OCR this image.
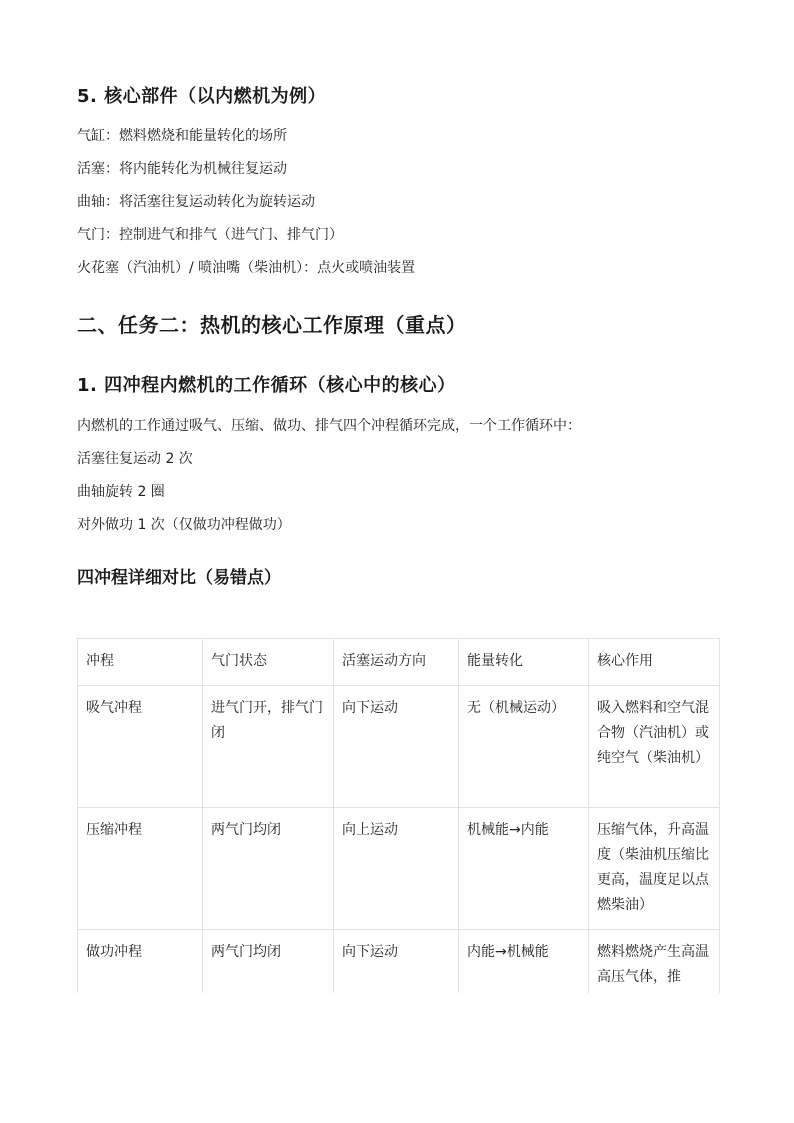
5. 核心部件（以内燃机为例）
气缸：燃料燃烧和能量转化的场所
活塞：将内能转化为机械往复运动
曲轴：将活塞往复运动转化为旋转运动
气门：控制进气和排气（进气门、排气门）
火花塞（汽油机）/ 喷油嘴（柴油机）：点火或喷油装置
二、任务二：热机的核心工作原理（重点）
1. 四冲程内燃机的工作循环（核心中的核心）
内燃机的工作通过吸气、压缩、做功、排气四个冲程循环完成，一个工作循环中：
活塞往复运动 2 次
曲轴旋转 2 圈
对外做功 1 次（仅做功冲程做功）
四冲程详细对比（易错点）
冲程	气门状态	活塞运动方向	能量转化	核心作用
吸气冲程	进气门开，排气门闭	向下运动	无（机械运动）	吸入燃料和空气混合物（汽油机）或纯空气（柴油机）
压缩冲程	两气门均闭	向上运动	机械能→内能	压缩气体，升高温度（柴油机压缩比更高，温度足以点燃柴油）
做功冲程	两气门均闭	向下运动	内能→机械能	燃料燃烧产生高温高压气体，推
